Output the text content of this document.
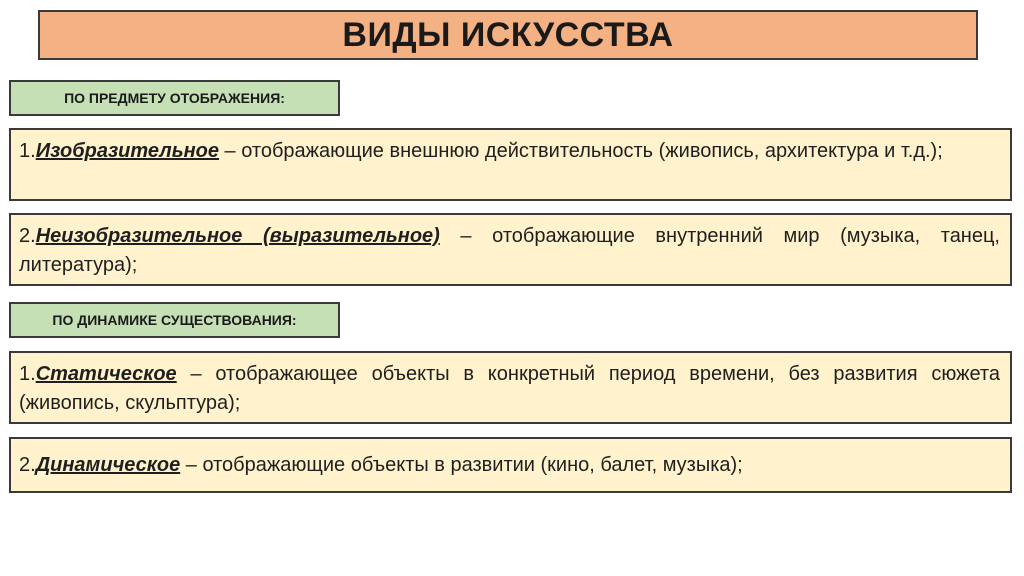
ВИДЫ ИСКУССТВА
ПО ПРЕДМЕТУ ОТОБРАЖЕНИЯ:
1.Изобразительное – отображающие внешнюю действительность (живопись, архитектура и т.д.);
2.Неизобразительное (выразительное) – отображающие внутренний мир (музыка, танец, литература);
ПО ДИНАМИКЕ СУЩЕСТВОВАНИЯ:
1.Статическое – отображающее объекты в конкретный период времени, без развития сюжета (живопись, скульптура);
2.Динамическое – отображающие объекты в развитии (кино, балет, музыка);
